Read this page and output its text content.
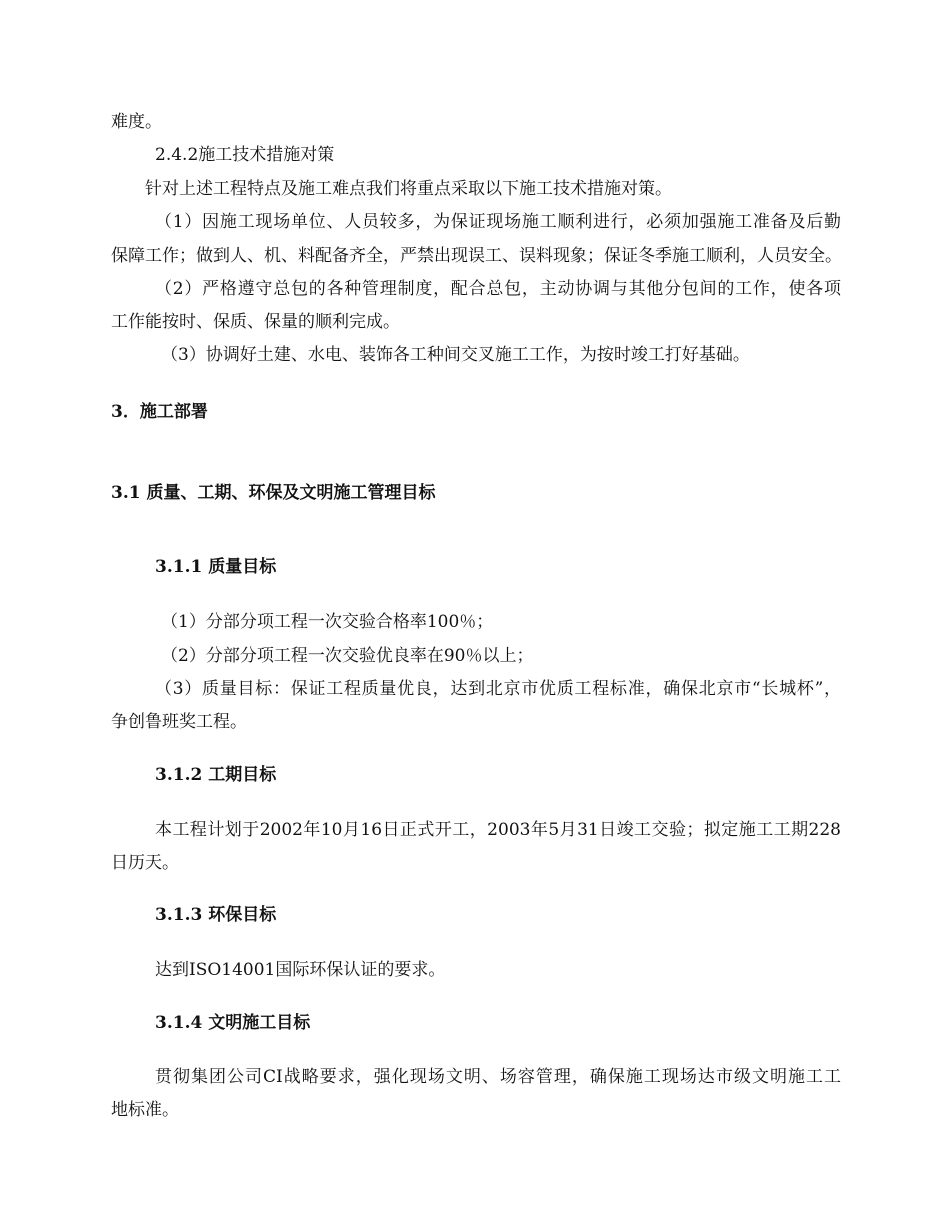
难度。
2.4.2施工技术措施对策
针对上述工程特点及施工难点我们将重点采取以下施工技术措施对策。
（1）因施工现场单位、人员较多，为保证现场施工顺利进行，必须加强施工准备及后勤
保障工作；做到人、机、料配备齐全，严禁出现误工、误料现象；保证冬季施工顺利，人员安全。
（2）严格遵守总包的各种管理制度，配合总包，主动协调与其他分包间的工作，使各项
工作能按时、保质、保量的顺利完成。
（3）协调好土建、水电、装饰各工种间交叉施工工作，为按时竣工打好基础。
3．施工部署
3.1 质量、工期、环保及文明施工管理目标
3.1.1 质量目标
（1）分部分项工程一次交验合格率100％；
（2）分部分项工程一次交验优良率在90％以上；
（3）质量目标：保证工程质量优良，达到北京市优质工程标准，确保北京市“长城杯”，
争创鲁班奖工程。
3.1.2 工期目标
本工程计划于2002年10月16日正式开工，2003年5月31日竣工交验；拟定施工工期228
日历天。
3.1.3 环保目标
达到ISO14001国际环保认证的要求。
3.1.4 文明施工目标
贯彻集团公司CI战略要求，强化现场文明、场容管理，确保施工现场达市级文明施工工
地标准。
